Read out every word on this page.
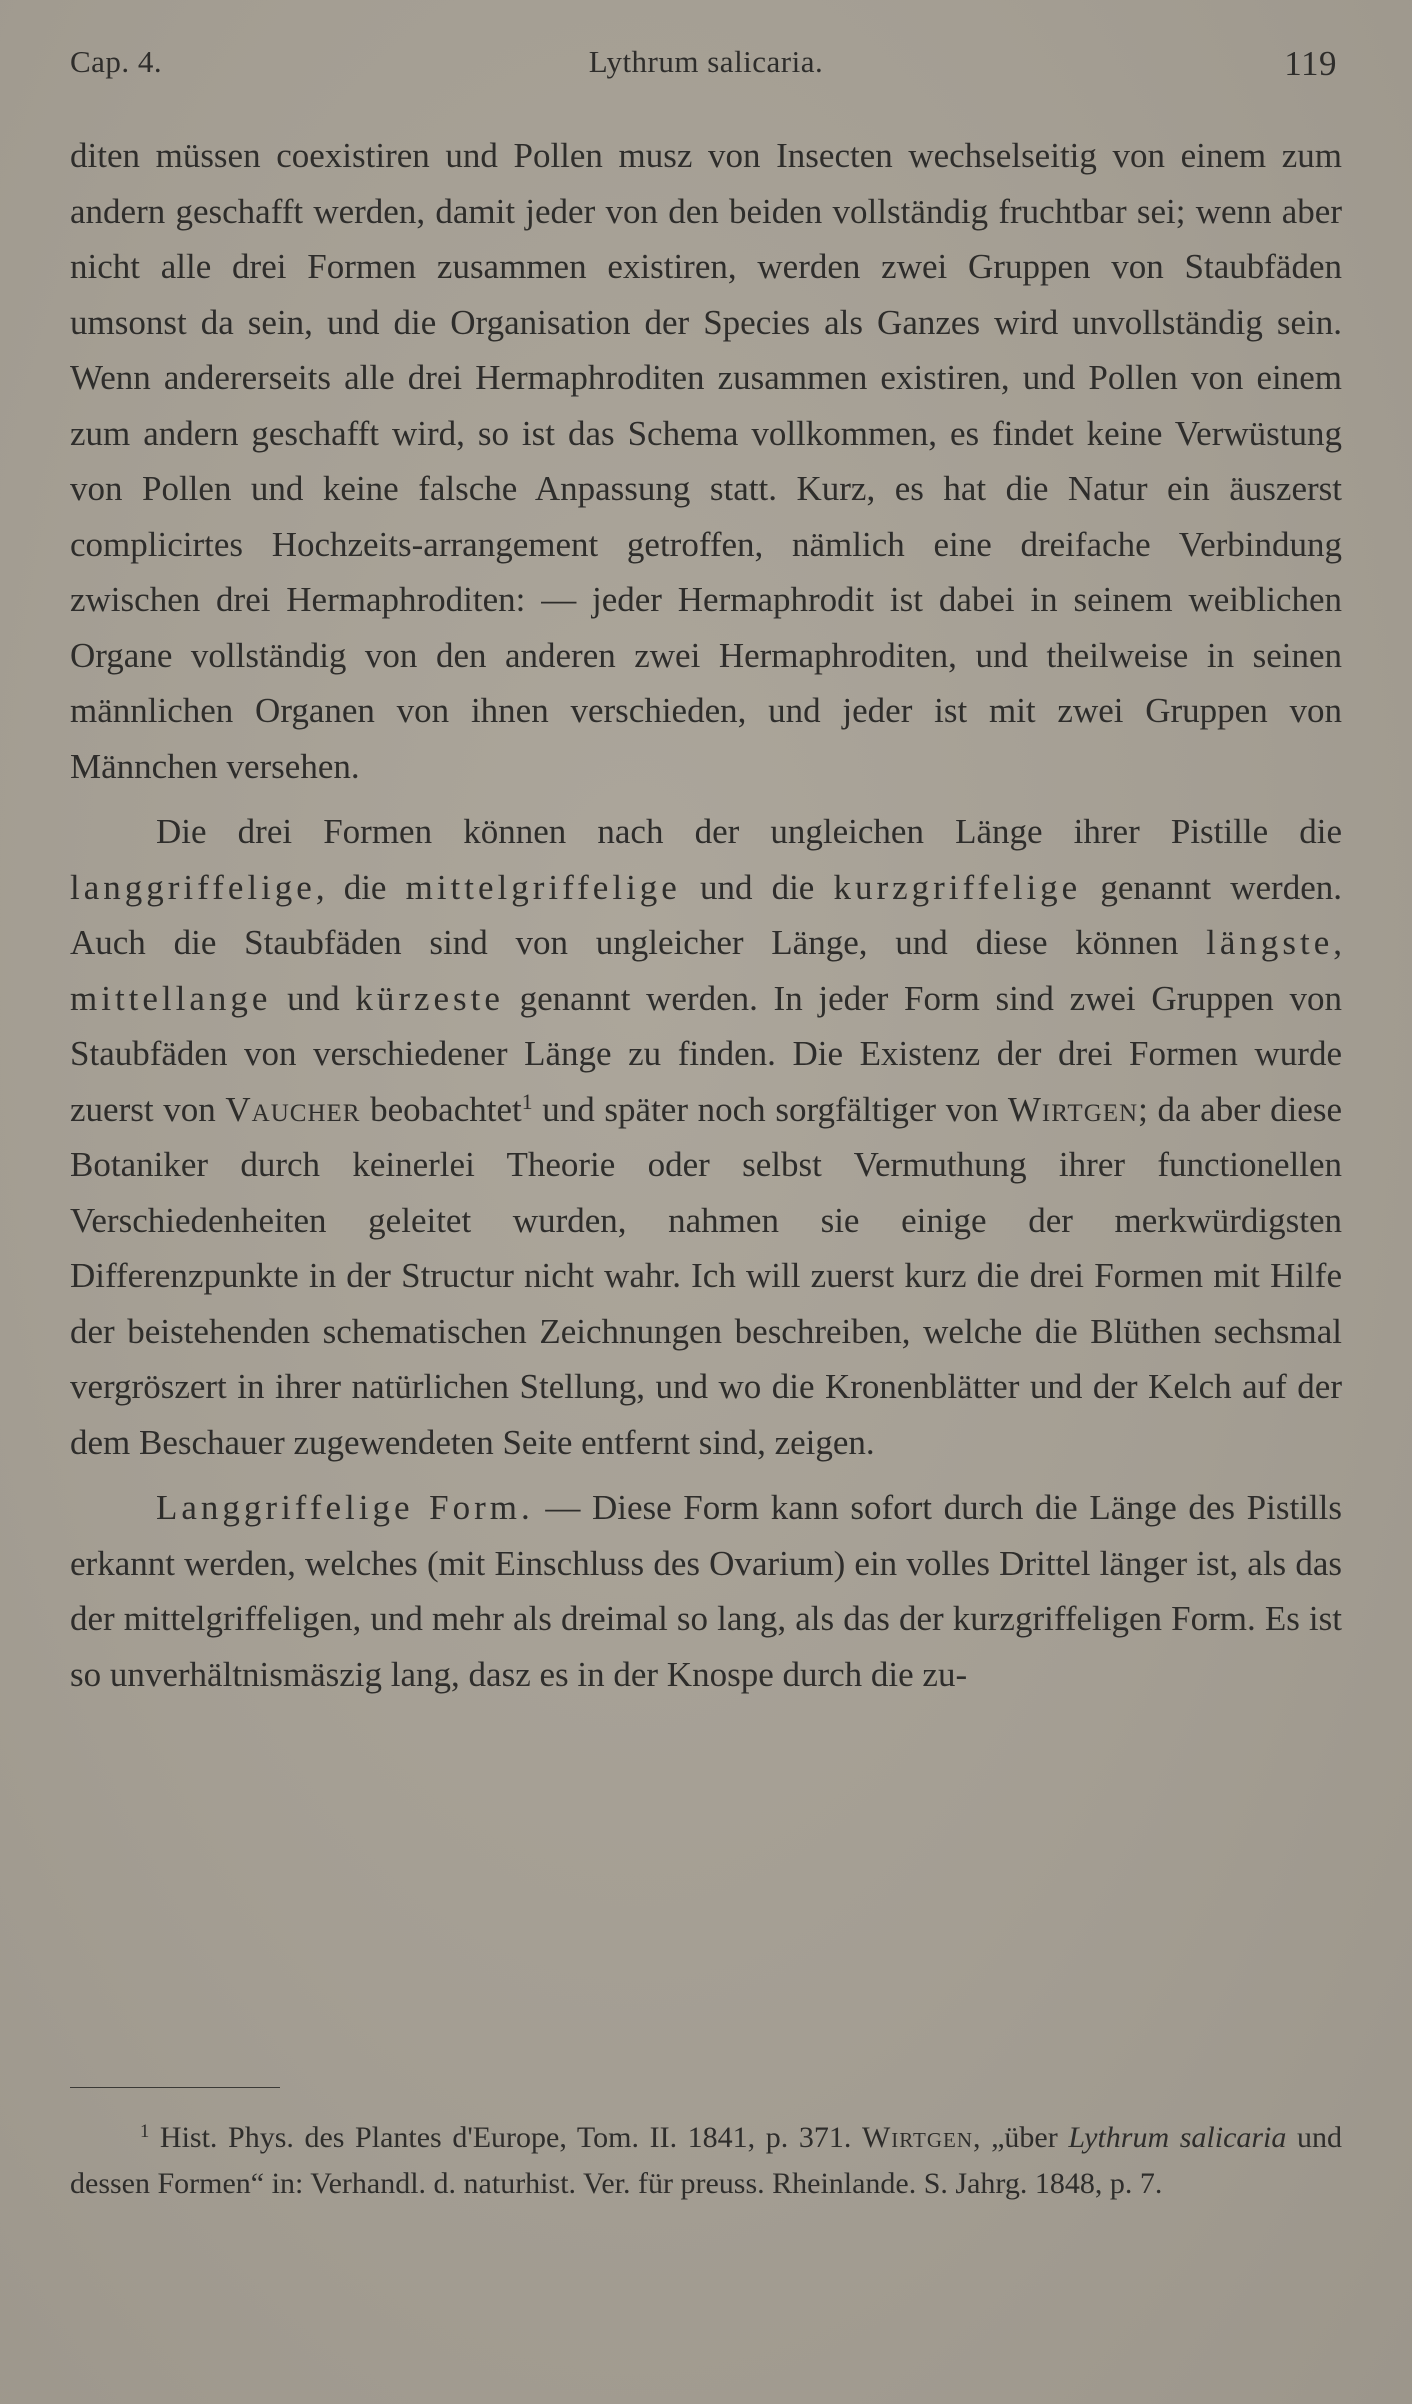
Cap. 4.	Lythrum salicaria.	119

diten müssen coexistiren und Pollen musz von Insecten wechselseitig von einem zum andern geschafft werden, damit jeder von den beiden vollständig fruchtbar sei; wenn aber nicht alle drei Formen zusammen existiren, werden zwei Gruppen von Staubfäden umsonst da sein, und die Organisation der Species als Ganzes wird unvollständig sein. Wenn andererseits alle drei Hermaphroditen zusammen existiren, und Pollen von einem zum andern geschafft wird, so ist das Schema vollkommen, es findet keine Verwüstung von Pollen und keine falsche Anpassung statt. Kurz, es hat die Natur ein äuszerst complicirtes Hochzeits-arrangement getroffen, nämlich eine dreifache Verbindung zwischen drei Hermaphroditen: — jeder Hermaphrodit ist dabei in seinem weiblichen Organe vollständig von den anderen zwei Hermaphroditen, und theilweise in seinen männlichen Organen von ihnen verschieden, und jeder ist mit zwei Gruppen von Männchen versehen.

Die drei Formen können nach der ungleichen Länge ihrer Pistille die langgriffelige, die mittelgriffelige und die kurzgriffelige genannt werden. Auch die Staubfäden sind von ungleicher Länge, und diese können längste, mittellange und kürzeste genannt werden. In jeder Form sind zwei Gruppen von Staubfäden von verschiedener Länge zu finden. Die Existenz der drei Formen wurde zuerst von Vaucher beobachtet$^1$ und später noch sorgfältiger von Wirtgen; da aber diese Botaniker durch keinerlei Theorie oder selbst Vermuthung ihrer functionellen Verschiedenheiten geleitet wurden, nahmen sie einige der merkwürdigsten Differenzpunkte in der Structur nicht wahr. Ich will zuerst kurz die drei Formen mit Hilfe der beistehenden schematischen Zeichnungen beschreiben, welche die Blüthen sechsmal vergröszert in ihrer natürlichen Stellung, und wo die Kronenblätter und der Kelch auf der dem Beschauer zugewendeten Seite entfernt sind, zeigen.

Langgriffelige Form. — Diese Form kann sofort durch die Länge des Pistills erkannt werden, welches (mit Einschluss des Ovarium) ein volles Drittel länger ist, als das der mittelgriffeligen, und mehr als dreimal so lang, als das der kurzgriffeligen Form. Es ist so unverhältnismäszig lang, dasz es in der Knospe durch die zu-

$^1$ Hist. Phys. des Plantes d'Europe, Tom. II. 1841, p. 371. Wirtgen, „über Lythrum salicaria und dessen Formen“ in: Verhandl. d. naturhist. Ver. für preuss. Rheinlande. S. Jahrg. 1848, p. 7.
